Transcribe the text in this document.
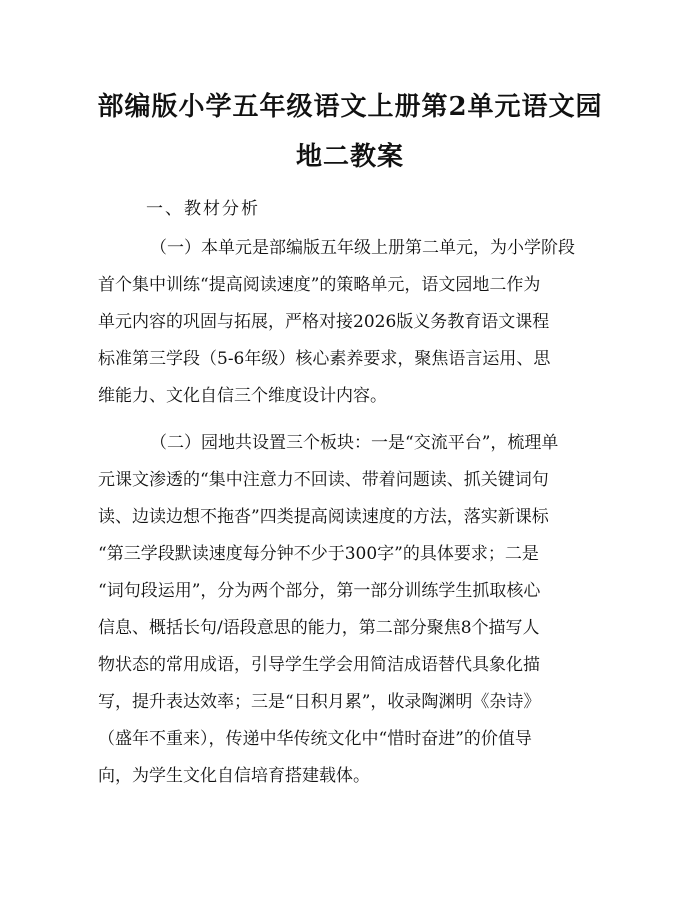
部编版小学五年级语文上册第2单元语文园
地二教案
一、教材分析
（一）本单元是部编版五年级上册第二单元，为小学阶段
首个集中训练“提高阅读速度”的策略单元，语文园地二作为
单元内容的巩固与拓展，严格对接2026版义务教育语文课程
标准第三学段（5-6年级）核心素养要求，聚焦语言运用、思
维能力、文化自信三个维度设计内容。
（二）园地共设置三个板块：一是“交流平台”，梳理单
元课文渗透的“集中注意力不回读、带着问题读、抓关键词句
读、边读边想不拖沓”四类提高阅读速度的方法，落实新课标
“第三学段默读速度每分钟不少于300字”的具体要求；二是
“词句段运用”，分为两个部分，第一部分训练学生抓取核心
信息、概括长句/语段意思的能力，第二部分聚焦8个描写人
物状态的常用成语，引导学生学会用简洁成语替代具象化描
写，提升表达效率；三是“日积月累”，收录陶渊明《杂诗》
（盛年不重来），传递中华传统文化中“惜时奋进”的价值导
向，为学生文化自信培育搭建载体。
